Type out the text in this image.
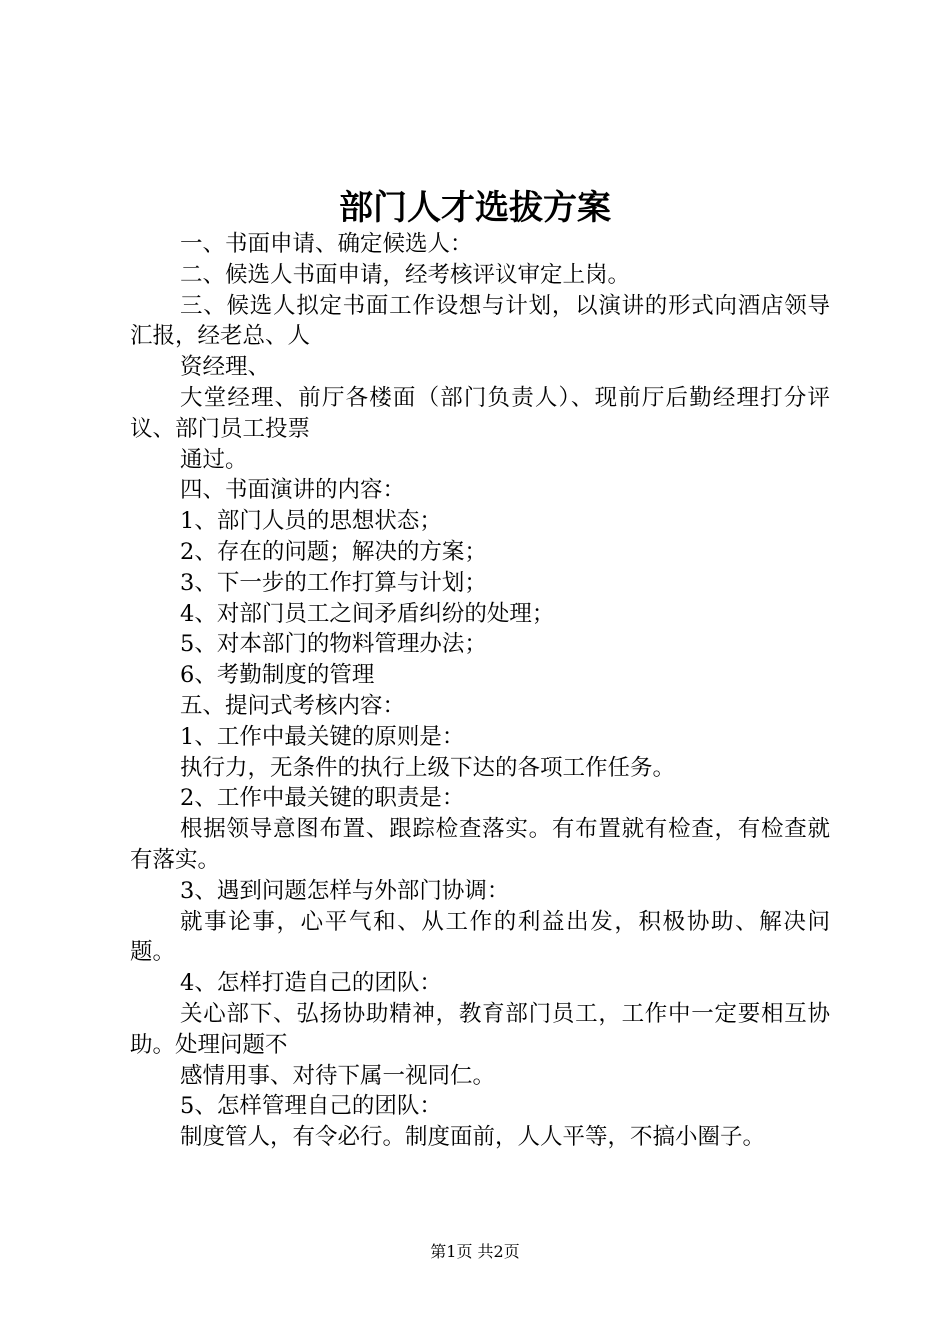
部门人才选拔方案

一、书面申请、确定候选人：

二、候选人书面申请，经考核评议审定上岗。

三、候选人拟定书面工作设想与计划，以演讲的形式向酒店领导汇报，经老总、人

资经理、

大堂经理、前厅各楼面（部门负责人）、现前厅后勤经理打分评议、部门员工投票

通过。

四、书面演讲的内容：

1、部门人员的思想状态；

2、存在的问题；解决的方案；

3、下一步的工作打算与计划；

4、对部门员工之间矛盾纠纷的处理；

5、对本部门的物料管理办法；

6、考勤制度的管理

五、提问式考核内容：

1、工作中最关键的原则是：

执行力，无条件的执行上级下达的各项工作任务。

2、工作中最关键的职责是：

根据领导意图布置、跟踪检查落实。有布置就有检查，有检查就有落实。

3、遇到问题怎样与外部门协调：

就事论事，心平气和、从工作的利益出发，积极协助、解决问题。

4、怎样打造自己的团队：

关心部下、弘扬协助精神，教育部门员工，工作中一定要相互协助。处理问题不

感情用事、对待下属一视同仁。

5、怎样管理自己的团队：

制度管人，有令必行。制度面前，人人平等，不搞小圈子。

第1页 共2页
